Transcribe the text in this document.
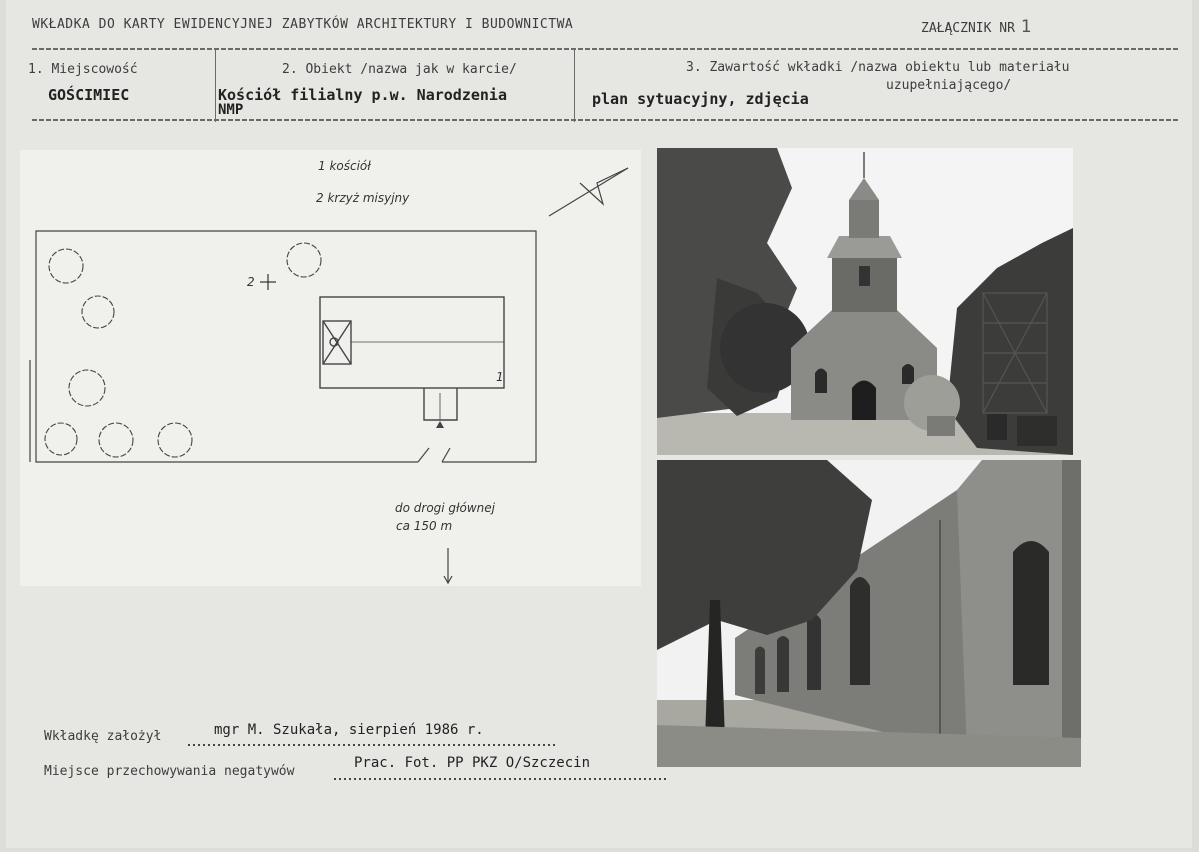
WKŁADKA DO KARTY EWIDENCYJNEJ ZABYTKÓW ARCHITEKTURY I BUDOWNICTWA	ZAŁĄCZNIK NR 1
1. Miejscowość
GOŚCIMIEC
2. Obiekt /nazwa jak w karcie/
Kościół filialny p.w. Narodzenia
NMP
3. Zawartość wkładki /nazwa obiektu lub materiału
uzupełniającego/
plan sytuacyjny, zdjęcia
1 kościół
2 krzyż misyjny
1
2
do drogi głównej
ca 150 m
Wkładkę założył	mgr M. Szukała, sierpień 1986 r.
Miejsce przechowywania negatywów
Prac. Fot. PP PKZ O/Szczecin
